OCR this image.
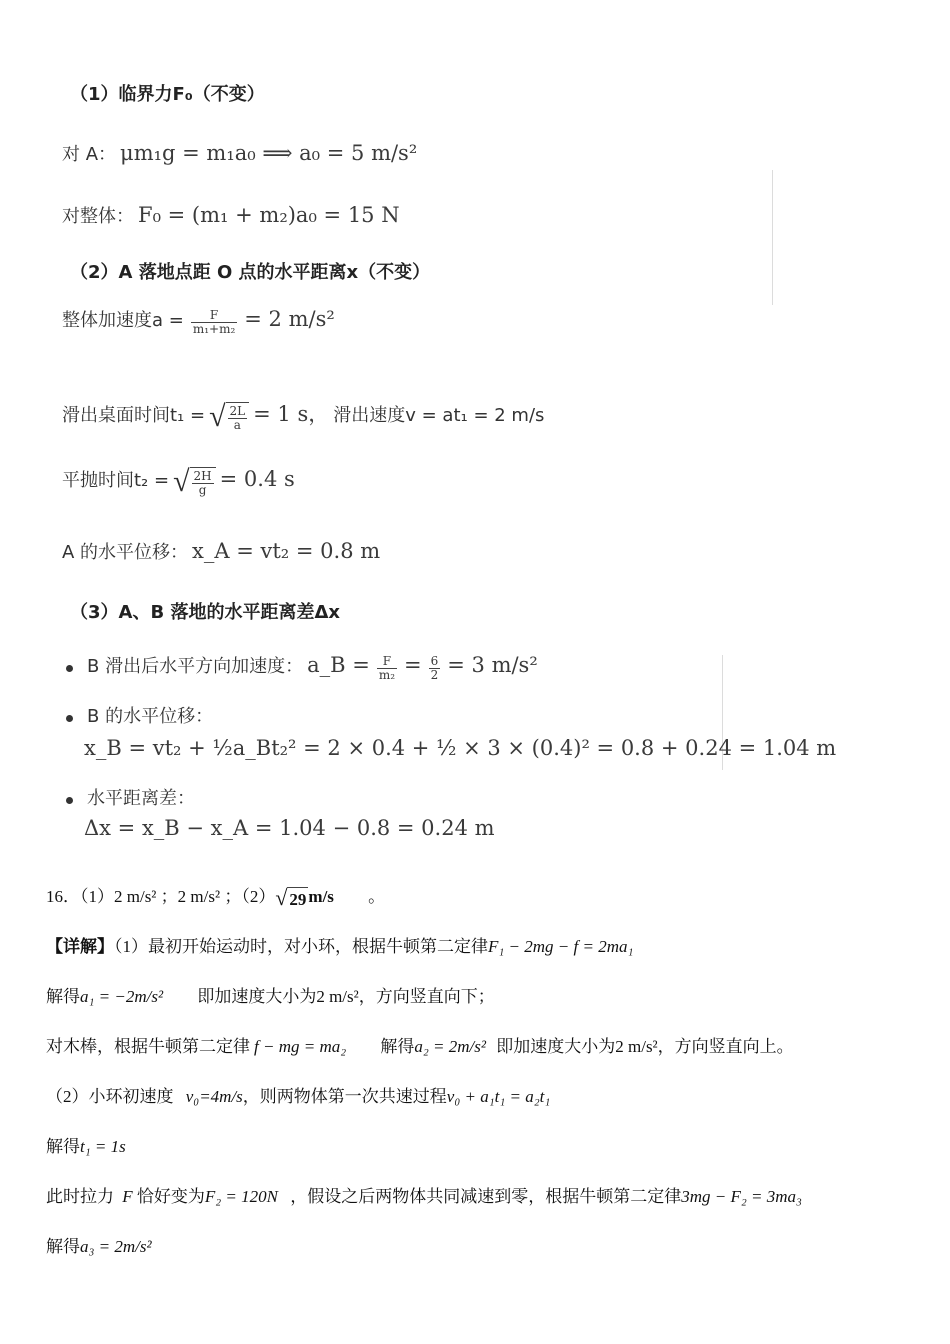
（1）临界力F₀（不变）
对 A： μm₁g = m₁a₀ ⟹ a₀ = 5 m/s²
对整体： F₀ = (m₁ + m₂)a₀ = 15 N
（2）A 落地点距 O 点的水平距离x（不变）
整体加速度$a = \frac{F}{\text{m₁+m₂}} = 2$ m/s²
滑出桌面时间t₁ = √ $\frac{2L}{a} = 1$ s， 滑出速度v = at₁ = 2 m/s
平抛时间t₂ = √ $\frac{2H}{g} = 0.4$ s
A 的水平位移： x_A = vt₂ = 0.8 m
（3）A、B 落地的水平距离差Δx
B 滑出后水平方向加速度： a_B = $\frac{F}{\text{m₂}} = \frac{6}{2} = 3$ m/s²
B 的水平位移：
x_B = vt₂ + ½a_Bt₂² = 2 × 0.4 + ½ × 3 × (0.4)² = 0.8 + 0.24 = 1.04 m
水平距离差：
Δx = x_B − x_A = 1.04 − 0.8 = 0.24 m
16．（1）2 m/s² ；2 m/s² ；（2） √ 29 m/s 。
【详解】（1）最初开始运动时，对小环，根据牛顿第二定律F₁ − 2mg − f = 2ma₁
解得a₁ = −2m/s² 即加速度大小为2 m/s²，方向竖直向下；
对木棒，根据牛顿第二定律 f − mg = ma₂ 解得a₂ = 2m/s² 即加速度大小为2 m/s²，方向竖直向上。
（2）小环初速度 v₀=4m/s，则两物体第一次共速过程v₀ + a₁t₁ = a₂t₁
解得t₁ = 1s
此时拉力 F 恰好变为F₂ = 120N ，假设之后两物体共同减速到零，根据牛顿第二定律3mg − F₂ = 3ma₃
解得a₃ = 2m/s²
